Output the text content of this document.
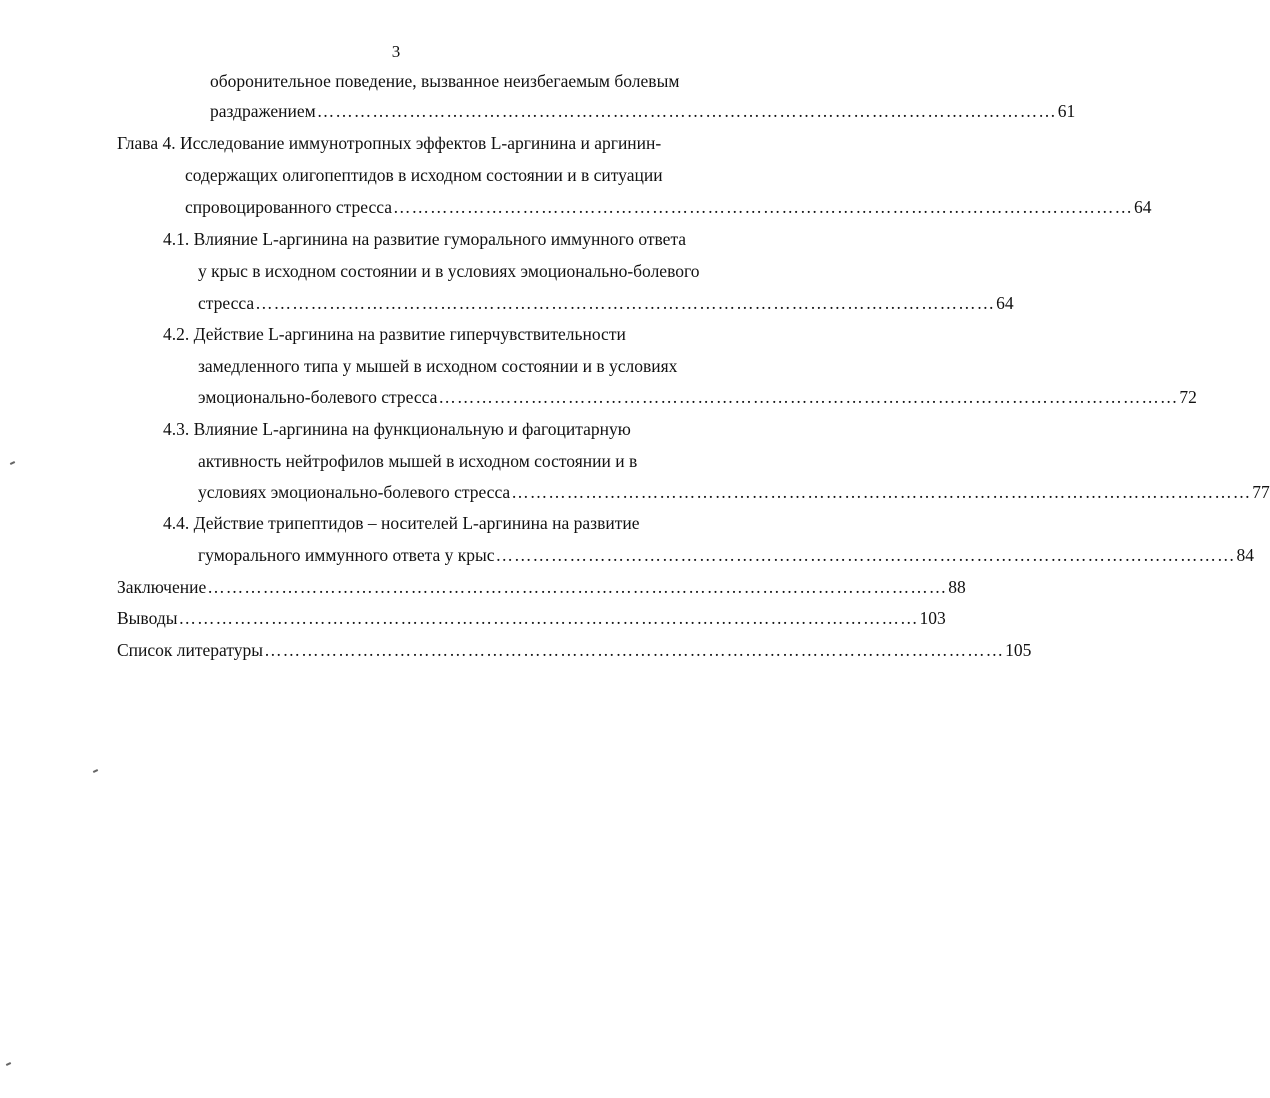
3
оборонительное поведение, вызванное неизбегаемым болевым
раздражением ………………………………………………………………………………………………………… 61
Глава 4. Исследование иммунотропных эффектов L-аргинина и аргинин-
содержащих олигопептидов в исходном состоянии и в ситуации
спровоцированного стресса ………………………………………………………………………………………………………… 64
4.1. Влияние L-аргинина на развитие гуморального иммунного ответа
у крыс в исходном состоянии и в условиях эмоционально-болевого
стресса ………………………………………………………………………………………………………… 64
4.2. Действие L-аргинина на развитие гиперчувствительности
замедленного типа у мышей в исходном состоянии и в условиях
эмоционально-болевого стресса ………………………………………………………………………………………………………… 72
4.3. Влияние L-аргинина на функциональную и фагоцитарную
активность нейтрофилов мышей в исходном состоянии и в
условиях эмоционально-болевого стресса ………………………………………………………………………………………………………… 77
4.4. Действие трипептидов – носителей L-аргинина на развитие
гуморального иммунного ответа у крыс ………………………………………………………………………………………………………… 84
Заключение ………………………………………………………………………………………………………… 88
Выводы ………………………………………………………………………………………………………… 103
Список литературы ………………………………………………………………………………………………………… 105
